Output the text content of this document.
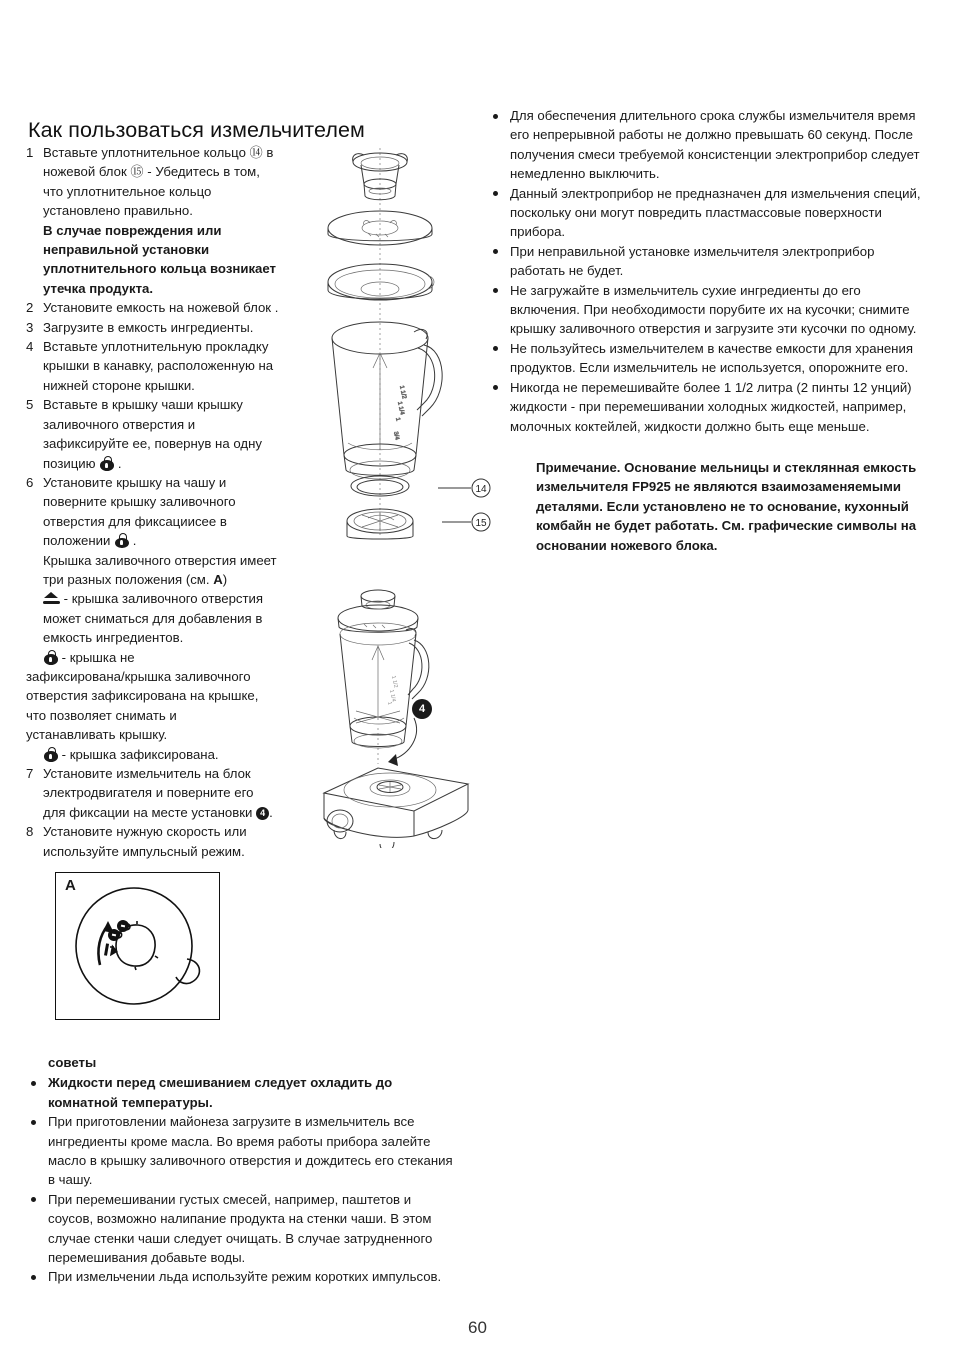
Как пользоваться измельчителем
1 Вставьте уплотнительное кольцо ⑭ в
ножевой блок ⑮ - Убедитесь в том,
что уплотнительное кольцо
установлено правильно.
В случае повреждения или
неправильной установки
уплотнительного кольца возникает
утечка продукта.
2 Установите емкость на ножевой блок .
3 Загрузите в емкость ингредиенты.
4 Вставьте уплотнительную прокладку
крышки в канавку, расположенную на
нижней стороне крышки.
5 Вставьте в крышку чаши крышку
заливочного отверстия и
зафиксируйте ее, повернув на одну
позицию .
6 Установите крышку на чашу и
поверните крышку заливочного
отверстия для фиксациисее в
положении .
Крышка заливочного отверстия имеет
три разных положения (см. A)
- крышка заливочного отверстия
может сниматься для добавления в
емкость ингредиентов.
- крышка не
зафиксирована/крышка заливочного
отверстия зафиксирована на крышке,
что позволяет снимать и
устанавливать крышку.
- крышка зафиксирована.
7 Установите измельчитель на блок
электродвигателя и поверните его
для фиксации на месте установки 4 .
8 Установите нужную скорость или
используйте импульсный режим.
Для обеспечения длительного срока службы измельчителя время его непрерывной работы не должно превышать 60 секунд. После получения смеси требуемой консистенции электроприбор следует немедленно выключить.
Данный электроприбор не предназначен для измельчения специй, поскольку они могут повредить пластмассовые поверхности прибора.
При неправильной установке измельчителя электроприбор работать не будет.
Не загружайте в измельчитель сухие ингредиенты до его включения. При необходимости порубите их на кусочки; снимите крышку заливочного отверстия и загрузите эти кусочки по одному.
Не пользуйтесь измельчителем в качестве емкости для хранения продуктов. Если измельчитель не используется, опорожните его.
Никогда не перемешивайте более 1 1/2 литра (2 пинты 12 унций) жидкости - при перемешивании холодных жидкостей, например, молочных коктейлей, жидкости должно быть еще меньше.
Примечание. Основание мельницы и стеклянная емкость измельчителя FP925 не являются взаимозаменяемыми деталями. Если установлено не то основание, кухонный комбайн не будет работать. См. графические символы на основании ножевого блока.
советы
Жидкости перед смешиванием следует охладить до комнатной температуры.
При приготовлении майонеза загрузите в измельчитель все ингредиенты кроме масла. Во время работы прибора залейте масло в крышку заливочного отверстия и дождитесь его стекания в чашу.
При перемешивании густых смесей, например, паштетов и соусов, возможно налипание продукта на стенки чаши. В этом случае стенки чаши следует очищать. В случае затрудненного перемешивания добавьте воды.
При измельчении льда используйте режим коротких импульсов.
1 1/2
1 1/4
1
3/4
14
15
1 1/2
1 1/4
1	4
A
60
